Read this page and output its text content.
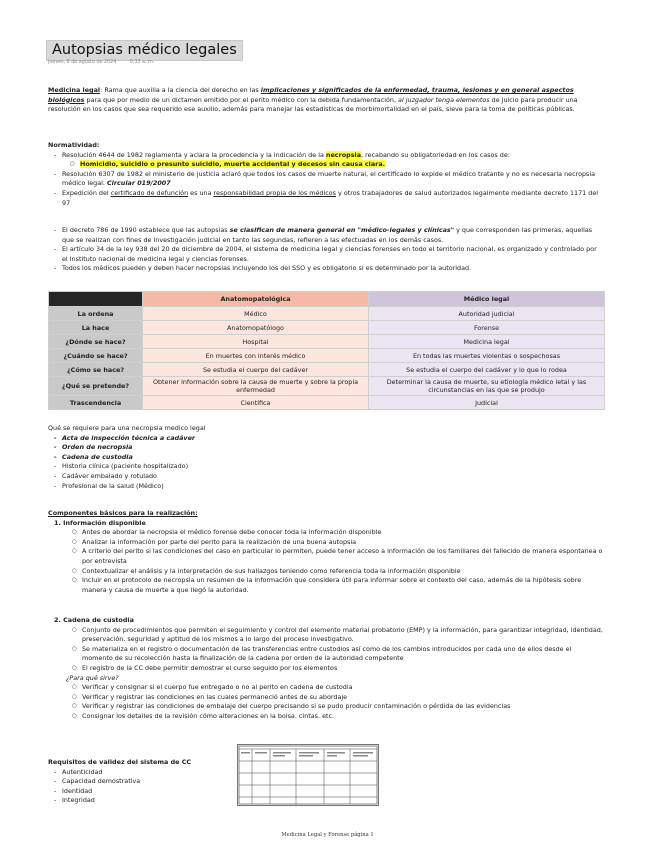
Autopsias médico legales
jueves, 8 de agosto de 2024	0:33 a. m.

Medicina legal: Rama que auxilia a la ciencia del derecho en las implicaciones y significados de la enfermedad, trauma, lesiones y en general aspectos biológicos para que por medio de un dictamen emitido por el perito médico con la debida fundamentación, al juzgador tenga elementos de juicio para producir una resolución en los casos que sea requerido ese auxilio, además para manejar las estadisticas de morbimortalidad en el país, sieve para la toma de políticas públicas.

Normatividad:
- Resolución 4644 de 1982 reglamenta y aclara la procedencia y la indicación de la necropsia, recabando su obligatoriedad en los casos de:
○ Homicidio, suicidio o presunto suicidio, muerte accidental y decesos sin causa clara.
- Resolución 6307 de 1982 el ministerio de justicia aclaró que todos los casos de muerte natural, el certificado lo expide el médico tratante y no es necesaria necropsia médico legal. Circular 019/2007
- Expedición del certificado de defunción es una responsabilidad propia de los médicos y otros trabajadores de salud autorizados legalmente mediante decreto 1171 del 97
- El decreto 786 de 1990 establece que las autopsias se clasifican de manera general en "médico-legales y clínicas" y que corresponden las primeras, aquellas que se realizan con fines de investigación judicial en tanto las segundas, refieren a las efectuadas en los demás casos.
- El artículo 34 de la ley 938 del 20 de diciembre de 2004, el sistema de medicina legal y ciencias forenses en todo el territorio nacional, es organizado y controlado por el Instituto nacional de medicina legal y ciencias forenses.
- Todos los médicos pueden y deben hacer necropsias incluyendo los del SSO y es obligatorio si es determinado por la autoridad.
	Anatomopatológica	Médico legal
La ordena	Médico	Autoridad judicial
La hace	Anatomopatólogo	Forense
¿Dónde se hace?	Hospital	Medicina legal
¿Cuándo se hace?	En muertes con interés médico	En todas las muertes violentas o sospechosas
¿Cómo se hace?	Se estudia el cuerpo del cadáver	Se estudia el cuerpo del cadáver y lo que lo rodea
¿Qué se pretende?	Obtener información sobre la causa de muerte y sobre la propia enfermedad	Determinar la causa de muerte, su etiología médico letal y las circunstancias en las que se produjo
Trascendencia	Científica	Judicial
Qué se requiere para una necropsia medico legal
- Acta de inspección técnica a cadáver
- Orden de necropsia
- Cadena de custodia
- Historia clínica (paciente hospitalizado)
- Cadáver embalado y rotulado
- Profesional de la salud (Médico)
Componentes básicos para la realización:
1. Información disponible
○ Antes de abordar la necropsia el médico forense debe conocer toda la información disponible
○ Analizar la información por parte del perito para la realización de una buena autopsia
○ A criterio del perito si las condiciones del caso en particular lo permiten, puede tener acceso a información de los familiares del fallecido de manera espontanea o por entrevista
○ Contextualizar el análisis y la interpretación de sus hallazgos teniendo como referencia toda la información disponible
○ Incluir en el protocolo de necropsia un resumen de la información que considera útil para informar sobre el contexto del caso, además de la hipótesis sobre manera y causa de muerte a que llegó la autoridad.
2. Cadena de custodia
○ Conjunto de procedimientos que permiten el seguimiento y control del elemento material probatorio (EMP) y la información, para garantizar integridad, identidad, preservación, seguridad y aptitud de los mismos a lo largo del proceso investigativo.
○ Se materializa en el registro o documentación de las transferencias entre custodios así como de los cambios introducidos por cada uno de ellos desde el momento de su recolección hasta la finalización de la cadena por orden de la autoridad competente
○ El registro de la CC debe permitir demostrar el curso seguido por los elementos
¿Para qué sirve?
○ Verificar y consignar si el cuerpo fue entregado o no al perito en cadena de custodia
○ Verificar y registrar las condiciones en las cuales permaneció antes de su abordaje
○ Verificar y registrar las condiciones de embalaje del cuerpo precisando si se pudo producir contaminación o pérdida de las evidencias
○ Consignar los detalles de la revisión cómo alteraciones en la bolsa. cintas. etc.
Requisitos de validez del sistema de CC
- Autenticidad
- Capacidad demostrativa
- Identidad
- Integridad
Medicina Legal y Forense página 1
